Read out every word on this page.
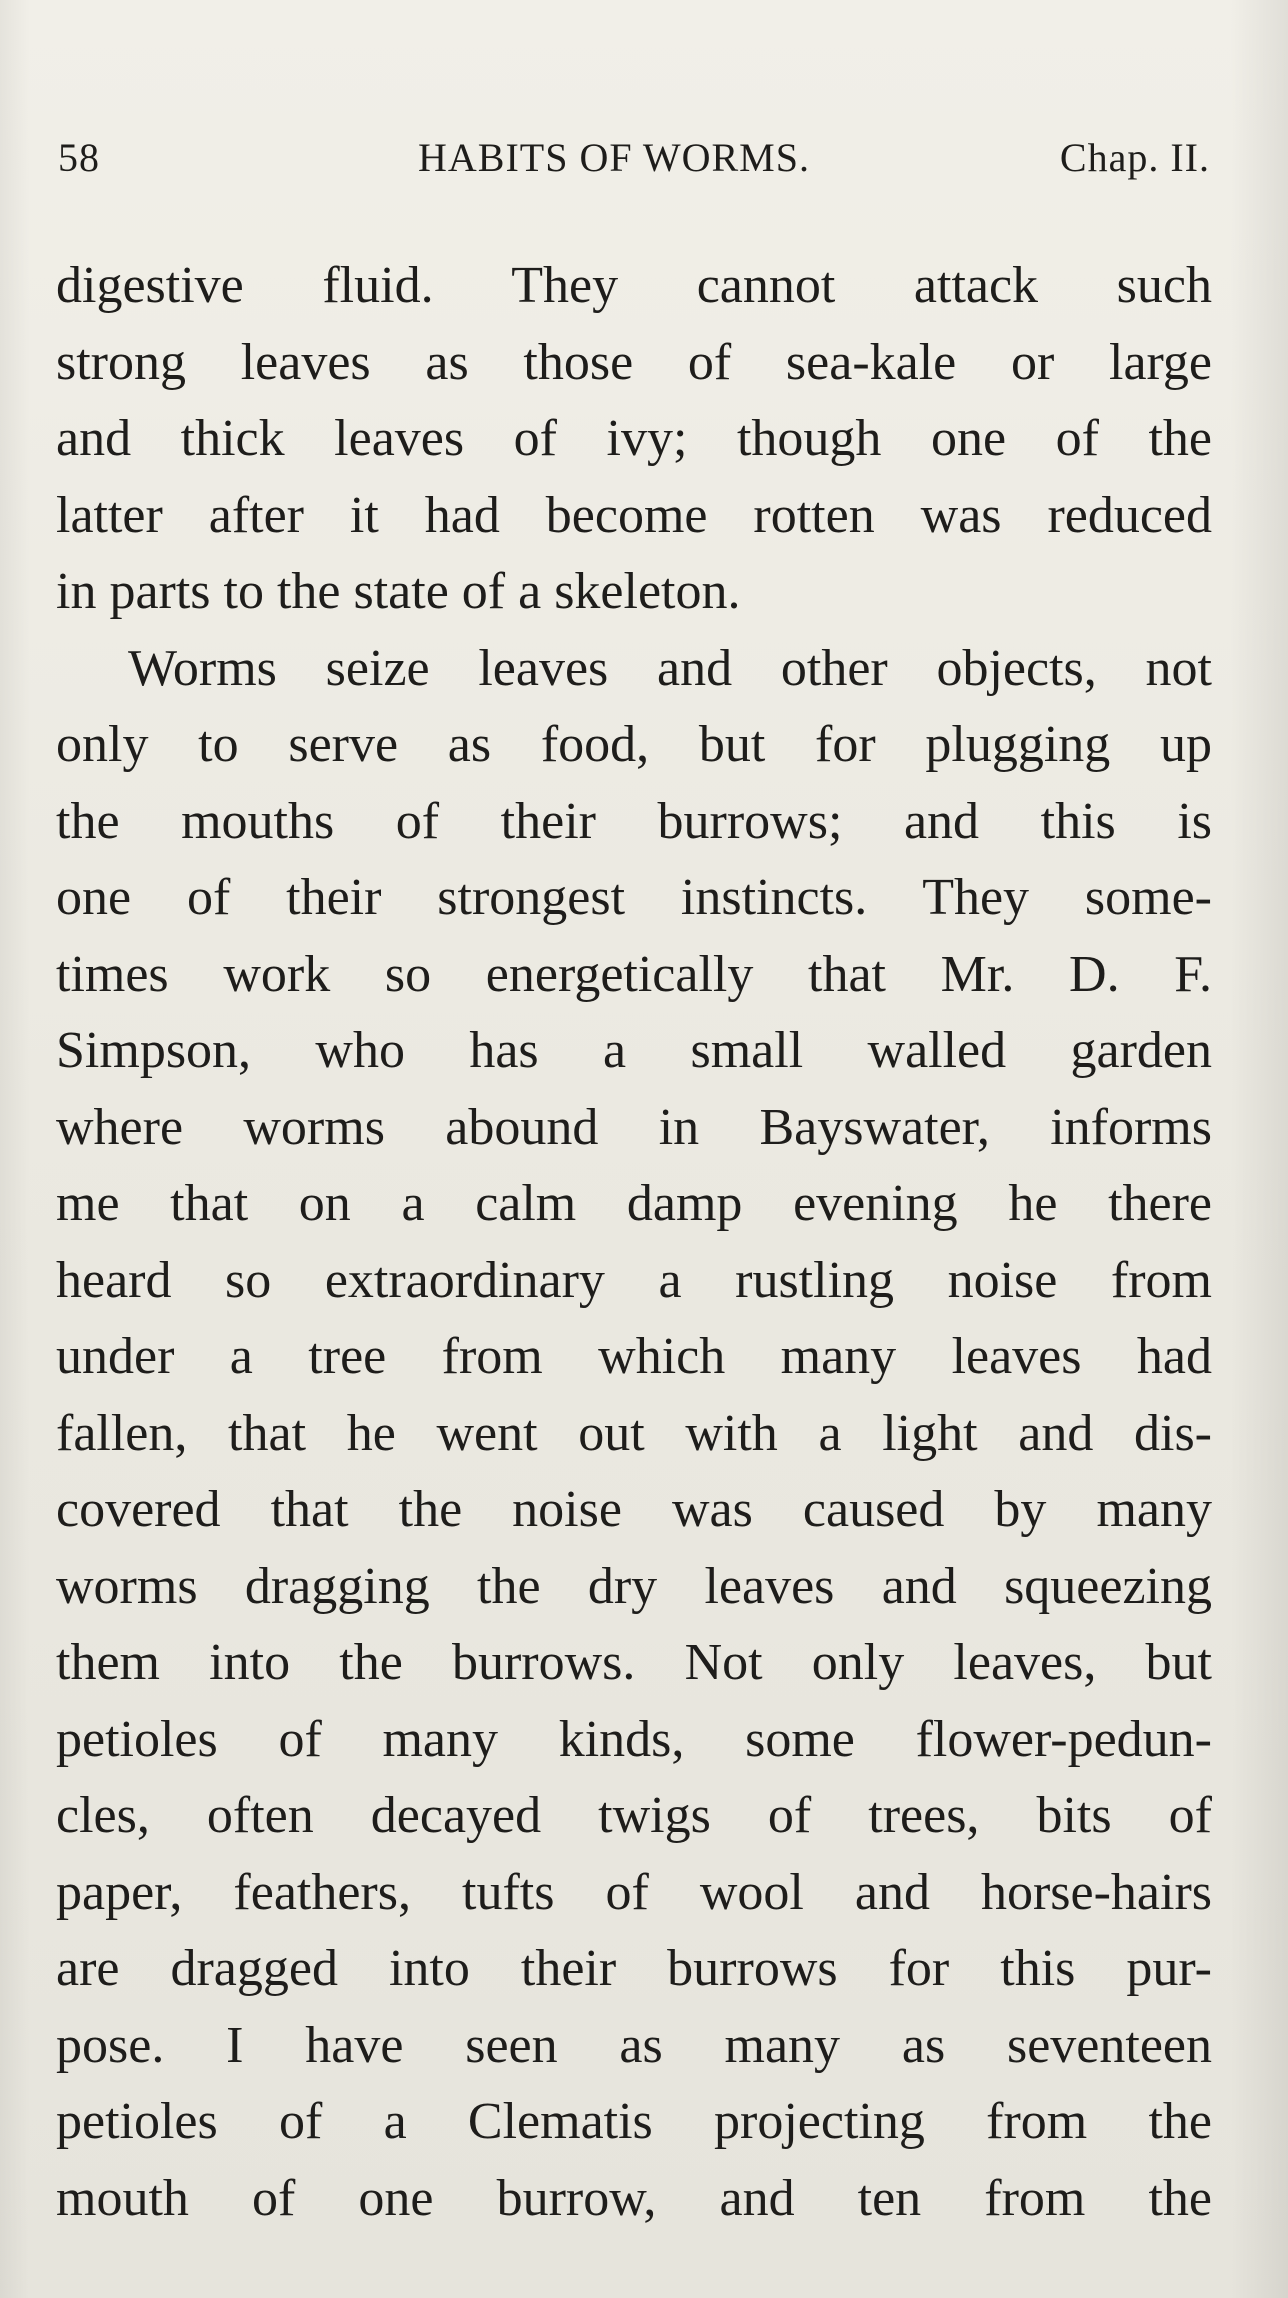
58	HABITS OF WORMS.	Chap. II.
digestive fluid. They cannot attack such
strong leaves as those of sea-kale or large
and thick leaves of ivy; though one of the
latter after it had become rotten was reduced
in parts to the state of a skeleton.
Worms seize leaves and other objects, not
only to serve as food, but for plugging up
the mouths of their burrows; and this is
one of their strongest instincts. They some-
times work so energetically that Mr. D. F.
Simpson, who has a small walled garden
where worms abound in Bayswater, informs
me that on a calm damp evening he there
heard so extraordinary a rustling noise from
under a tree from which many leaves had
fallen, that he went out with a light and dis-
covered that the noise was caused by many
worms dragging the dry leaves and squeezing
them into the burrows. Not only leaves, but
petioles of many kinds, some flower-pedun-
cles, often decayed twigs of trees, bits of
paper, feathers, tufts of wool and horse-hairs
are dragged into their burrows for this pur-
pose. I have seen as many as seventeen
petioles of a Clematis projecting from the
mouth of one burrow, and ten from the
